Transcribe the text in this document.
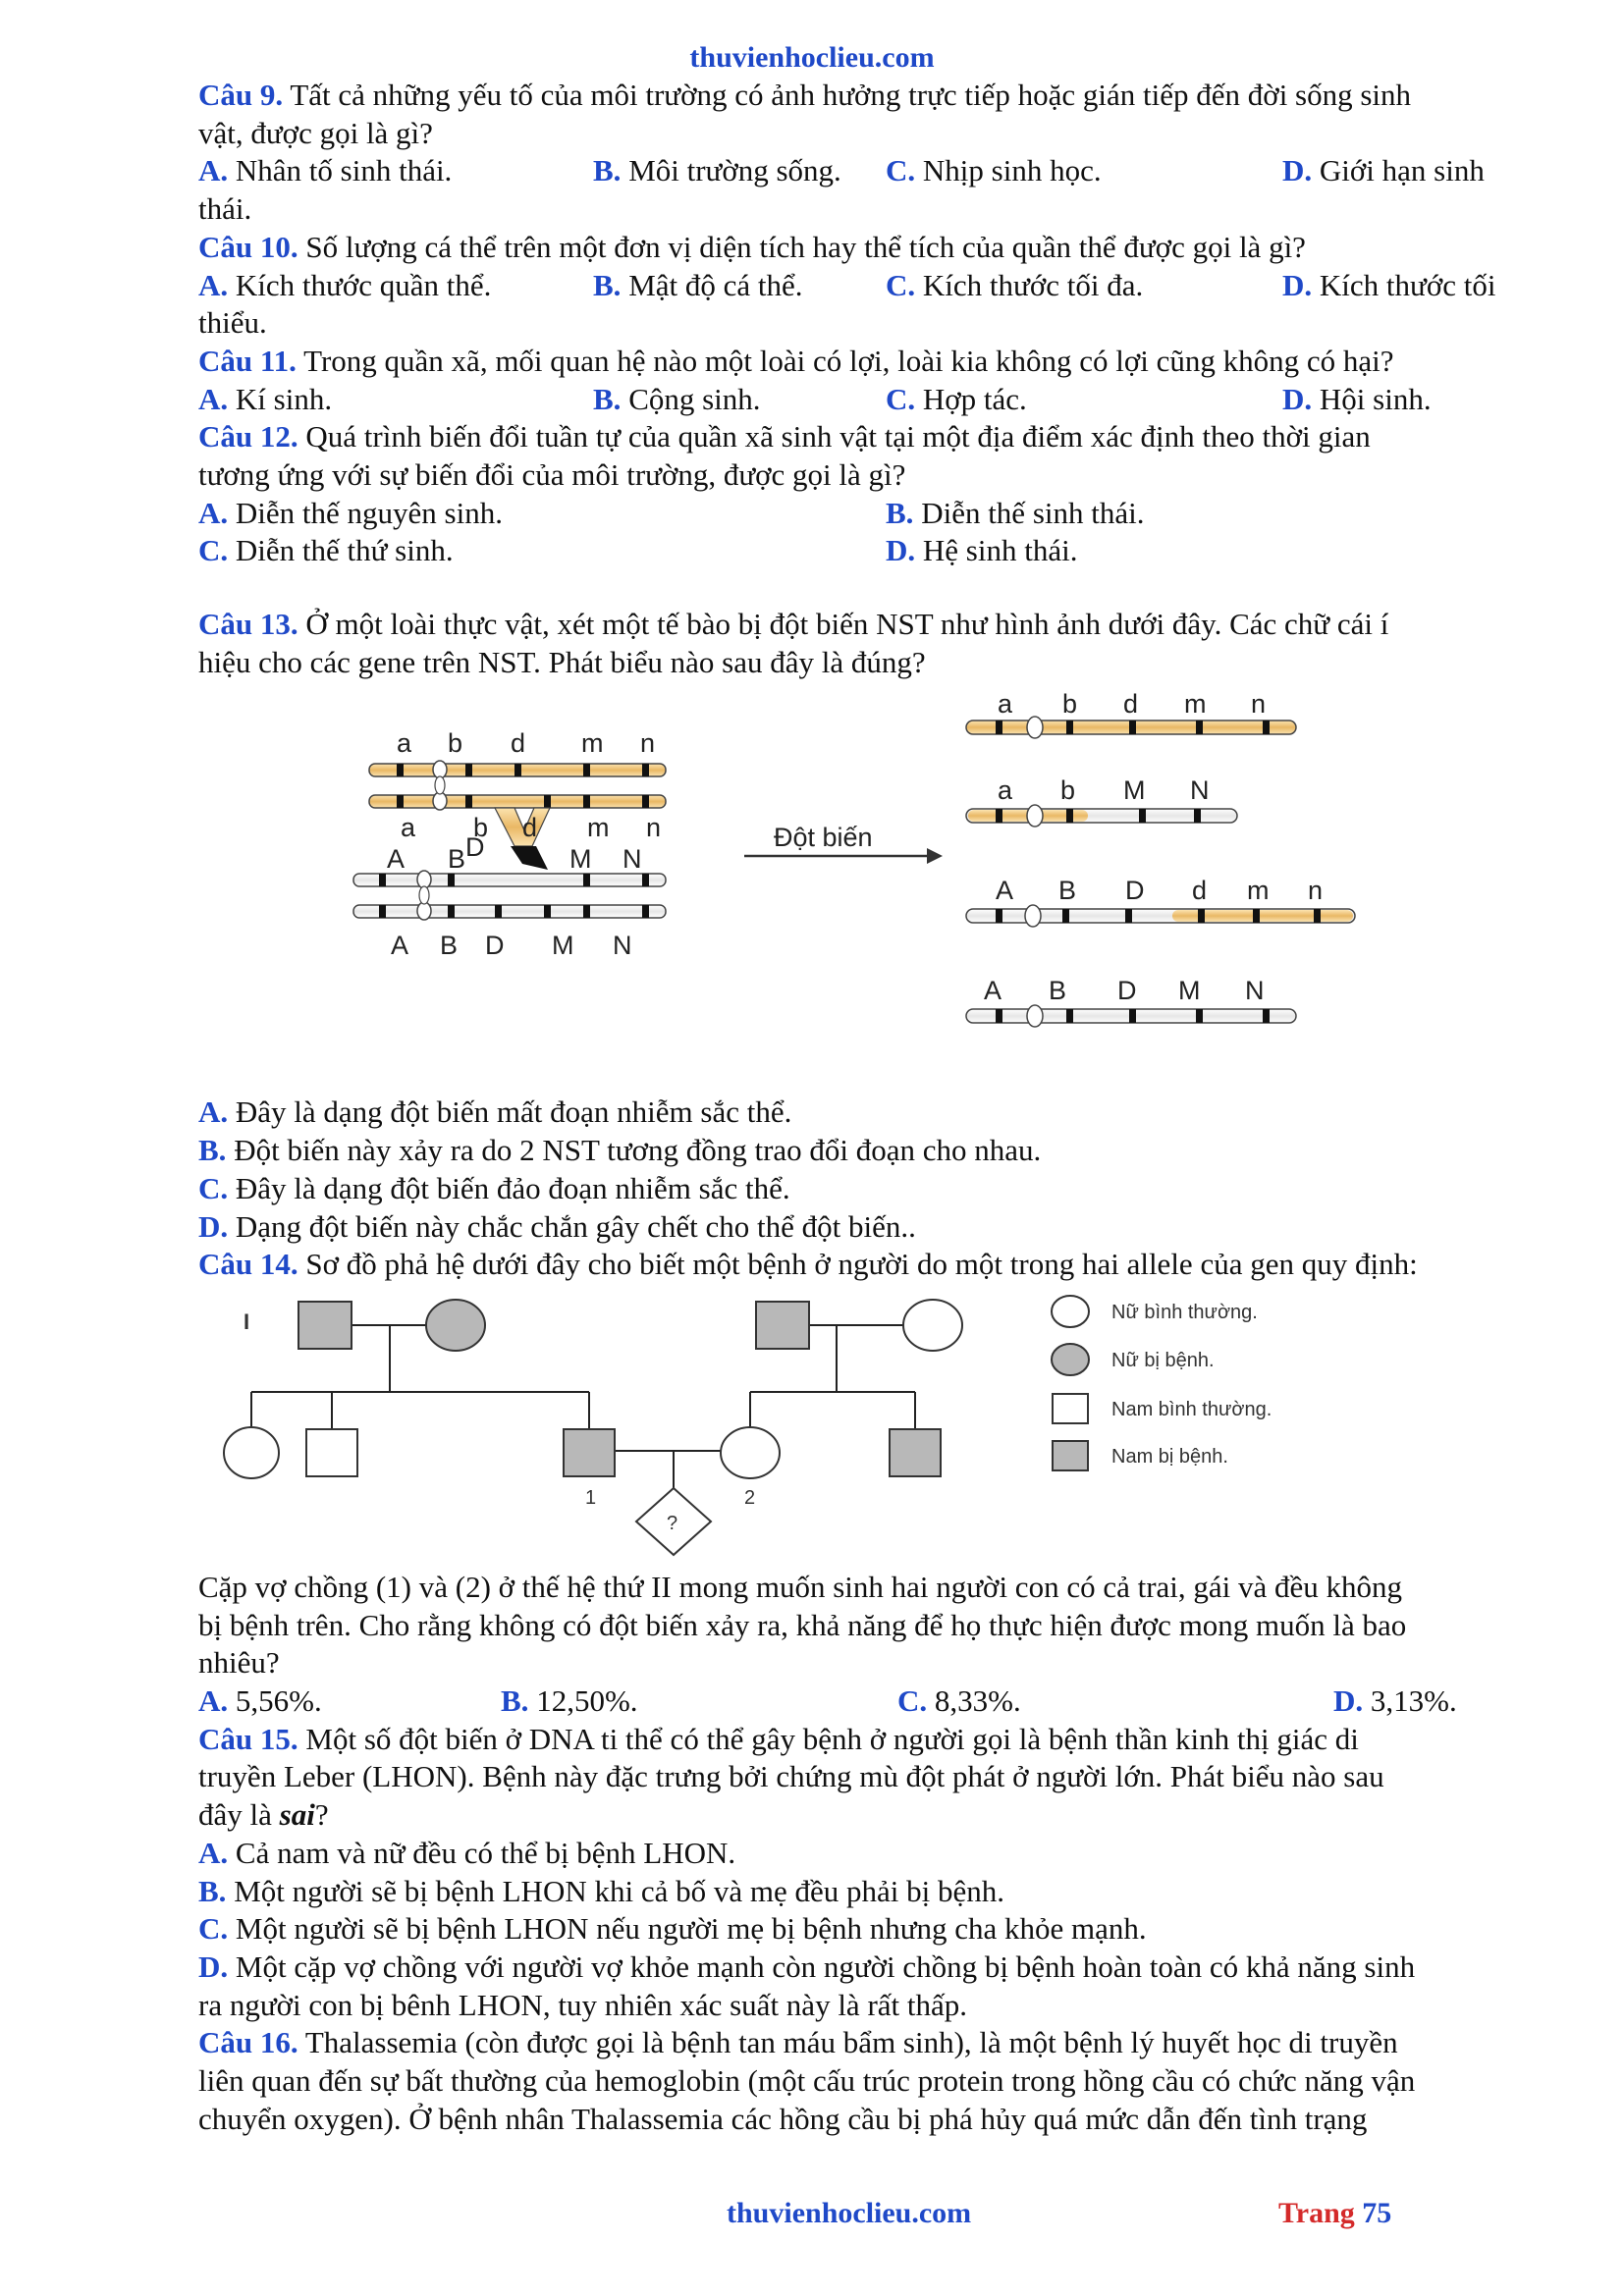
thuvienhoclieu.com

Câu 9. Tất cả những yếu tố của môi trường có ảnh hưởng trực tiếp hoặc gián tiếp đến đời sống sinh

vật, được gọi là gì?

A. Nhân tố sinh thái.	B. Môi trường sống. C. Nhịp sinh học.	D. Giới hạn sinh

thái.

Câu 10. Số lượng cá thể trên một đơn vị diện tích hay thể tích của quần thể được gọi là gì?

A. Kích thước quần thể.	B. Mật độ cá thể.	C. Kích thước tối đa.	D. Kích thước tối

thiểu.

Câu 11. Trong quần xã, mối quan hệ nào một loài có lợi, loài kia không có lợi cũng không có hại?

A. Kí sinh.	B. Cộng sinh.	C. Hợp tác.	D. Hội sinh.

Câu 12. Quá trình biến đổi tuần tự của quần xã sinh vật tại một địa điểm xác định theo thời gian

tương ứng với sự biến đổi của môi trường, được gọi là gì?

A. Diễn thế nguyên sinh.	B. Diễn thế sinh thái.
C. Diễn thế thứ sinh.	D. Hệ sinh thái.

Câu 13. Ở một loài thực vật, xét một tế bào bị đột biến NST như hình ảnh dưới đây. Các chữ cái í

hiệu cho các gene trên NST. Phát biểu nào sau đây là đúng?

a b d m n
a b d m n
D
A B	M N
A B D M N
Đột biến
a b d m n
a b M N
A B D d m n
A B D M N

A. Đây là dạng đột biến mất đoạn nhiễm sắc thể.

B. Đột biến này xảy ra do 2 NST tương đồng trao đổi đoạn cho nhau.

C. Đây là dạng đột biến đảo đoạn nhiễm sắc thể.

D. Dạng đột biến này chắc chắn gây chết cho thể đột biến..

Câu 14. Sơ đồ phả hệ dưới đây cho biết một bệnh ở người do một trong hai allele của gen quy định:

I
1	2
?
Nữ bình thường.
Nữ bị bệnh.
Nam bình thường.
Nam bị bệnh.

Cặp vợ chồng (1) và (2) ở thế hệ thứ II mong muốn sinh hai người con có cả trai, gái và đều không

bị bệnh trên. Cho rằng không có đột biến xảy ra, khả năng để họ thực hiện được mong muốn là bao

nhiêu?

A. 5,56%.	B. 12,50%.	C. 8,33%.	D. 3,13%.

Câu 15. Một số đột biến ở DNA ti thể có thể gây bệnh ở người gọi là bệnh thần kinh thị giác di

truyền Leber (LHON). Bệnh này đặc trưng bởi chứng mù đột phát ở người lớn. Phát biểu nào sau

đây là sai?

A. Cả nam và nữ đều có thể bị bệnh LHON.

B. Một người sẽ bị bệnh LHON khi cả bố và mẹ đều phải bị bệnh.

C. Một người sẽ bị bệnh LHON nếu người mẹ bị bệnh nhưng cha khỏe mạnh.

D. Một cặp vợ chồng với người vợ khỏe mạnh còn người chồng bị bệnh hoàn toàn có khả năng sinh

ra người con bị bênh LHON, tuy nhiên xác suất này là rất thấp.

Câu 16. Thalassemia (còn được gọi là bệnh tan máu bẩm sinh), là một bệnh lý huyết học di truyền

liên quan đến sự bất thường của hemoglobin (một cấu trúc protein trong hồng cầu có chức năng vận

chuyển oxygen). Ở bệnh nhân Thalassemia các hồng cầu bị phá hủy quá mức dẫn đến tình trạng

thuvienhoclieu.com	Trang 75
